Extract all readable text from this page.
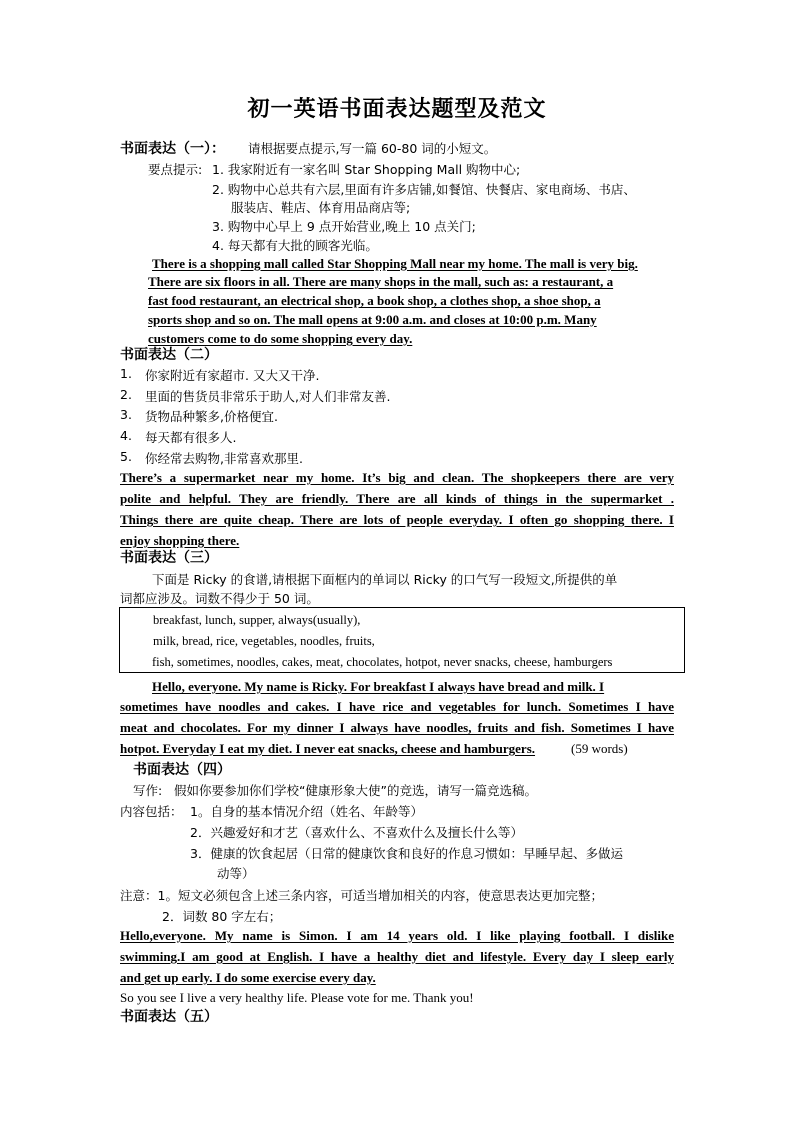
初一英语书面表达题型及范文
书面表达（一）： 请根据要点提示,写一篇 60-80 词的小短文。
要点提示: 1. 我家附近有一家名叫 Star Shopping Mall 购物中心;
2. 购物中心总共有六层,里面有许多店铺,如餐馆、快餐店、家电商场、书店、
服装店、鞋店、体育用品商店等;
3. 购物中心早上 9 点开始营业,晚上 10 点关门;
4. 每天都有大批的顾客光临。
There is a shopping mall called Star Shopping Mall near my home. The mall is very big.
There are six floors in all. There are many shops in the mall, such as: a restaurant, a
fast food restaurant, an electrical shop, a book shop, a clothes shop, a shoe shop, a
sports shop and so on. The mall opens at 9:00 a.m. and closes at 10:00 p.m. Many
customers come to do some shopping every day.
书面表达（二）
1. 你家附近有家超市. 又大又干净.
2. 里面的售货员非常乐于助人,对人们非常友善.
3. 货物品种繁多,价格便宜.
4. 每天都有很多人.
5. 你经常去购物,非常喜欢那里.
There’s a supermarket near my home. It’s big and clean. The shopkeepers there are very
polite and helpful. They are friendly. There are all kinds of things in the supermarket .
Things there are quite cheap. There are lots of people everyday. I often go shopping there. I
enjoy shopping there.
书面表达（三）
下面是 Ricky 的食谱,请根据下面框内的单词以 Ricky 的口气写一段短文,所提供的单
词都应涉及。词数不得少于 50 词。
breakfast, lunch, supper, always(usually),
milk, bread, rice, vegetables, noodles, fruits,
fish, sometimes, noodles, cakes, meat, chocolates, hotpot, never snacks, cheese, hamburgers
Hello, everyone. My name is Ricky. For breakfast I always have bread and milk. I
sometimes have noodles and cakes. I have rice and vegetables for lunch. Sometimes I have
meat and chocolates. For my dinner I always have noodles, fruits and fish. Sometimes I have
hotpot. Everyday I eat my diet. I never eat snacks, cheese and hamburgers.	(59 words)
书面表达（四）
写作: 假如你要参加你们学校“健康形象大使”的竞选，请写一篇竞选稿。
内容包括： 1。自身的基本情况介绍（姓名、年龄等）
2．兴趣爱好和才艺（喜欢什么、不喜欢什么及擅长什么等）
3．健康的饮食起居（日常的健康饮食和良好的作息习惯如：早睡早起、多做运
动等）
注意：1。短文必须包含上述三条内容，可适当增加相关的内容，使意思表达更加完整；
2．词数 80 字左右；
Hello,everyone. My name is Simon. I am 14 years old. I like playing football. I dislike
swimming.I am good at English. I have a healthy diet and lifestyle. Every day I sleep early
and get up early. I do some exercise every day.
So you see I live a very healthy life. Please vote for me. Thank you!
书面表达（五）
